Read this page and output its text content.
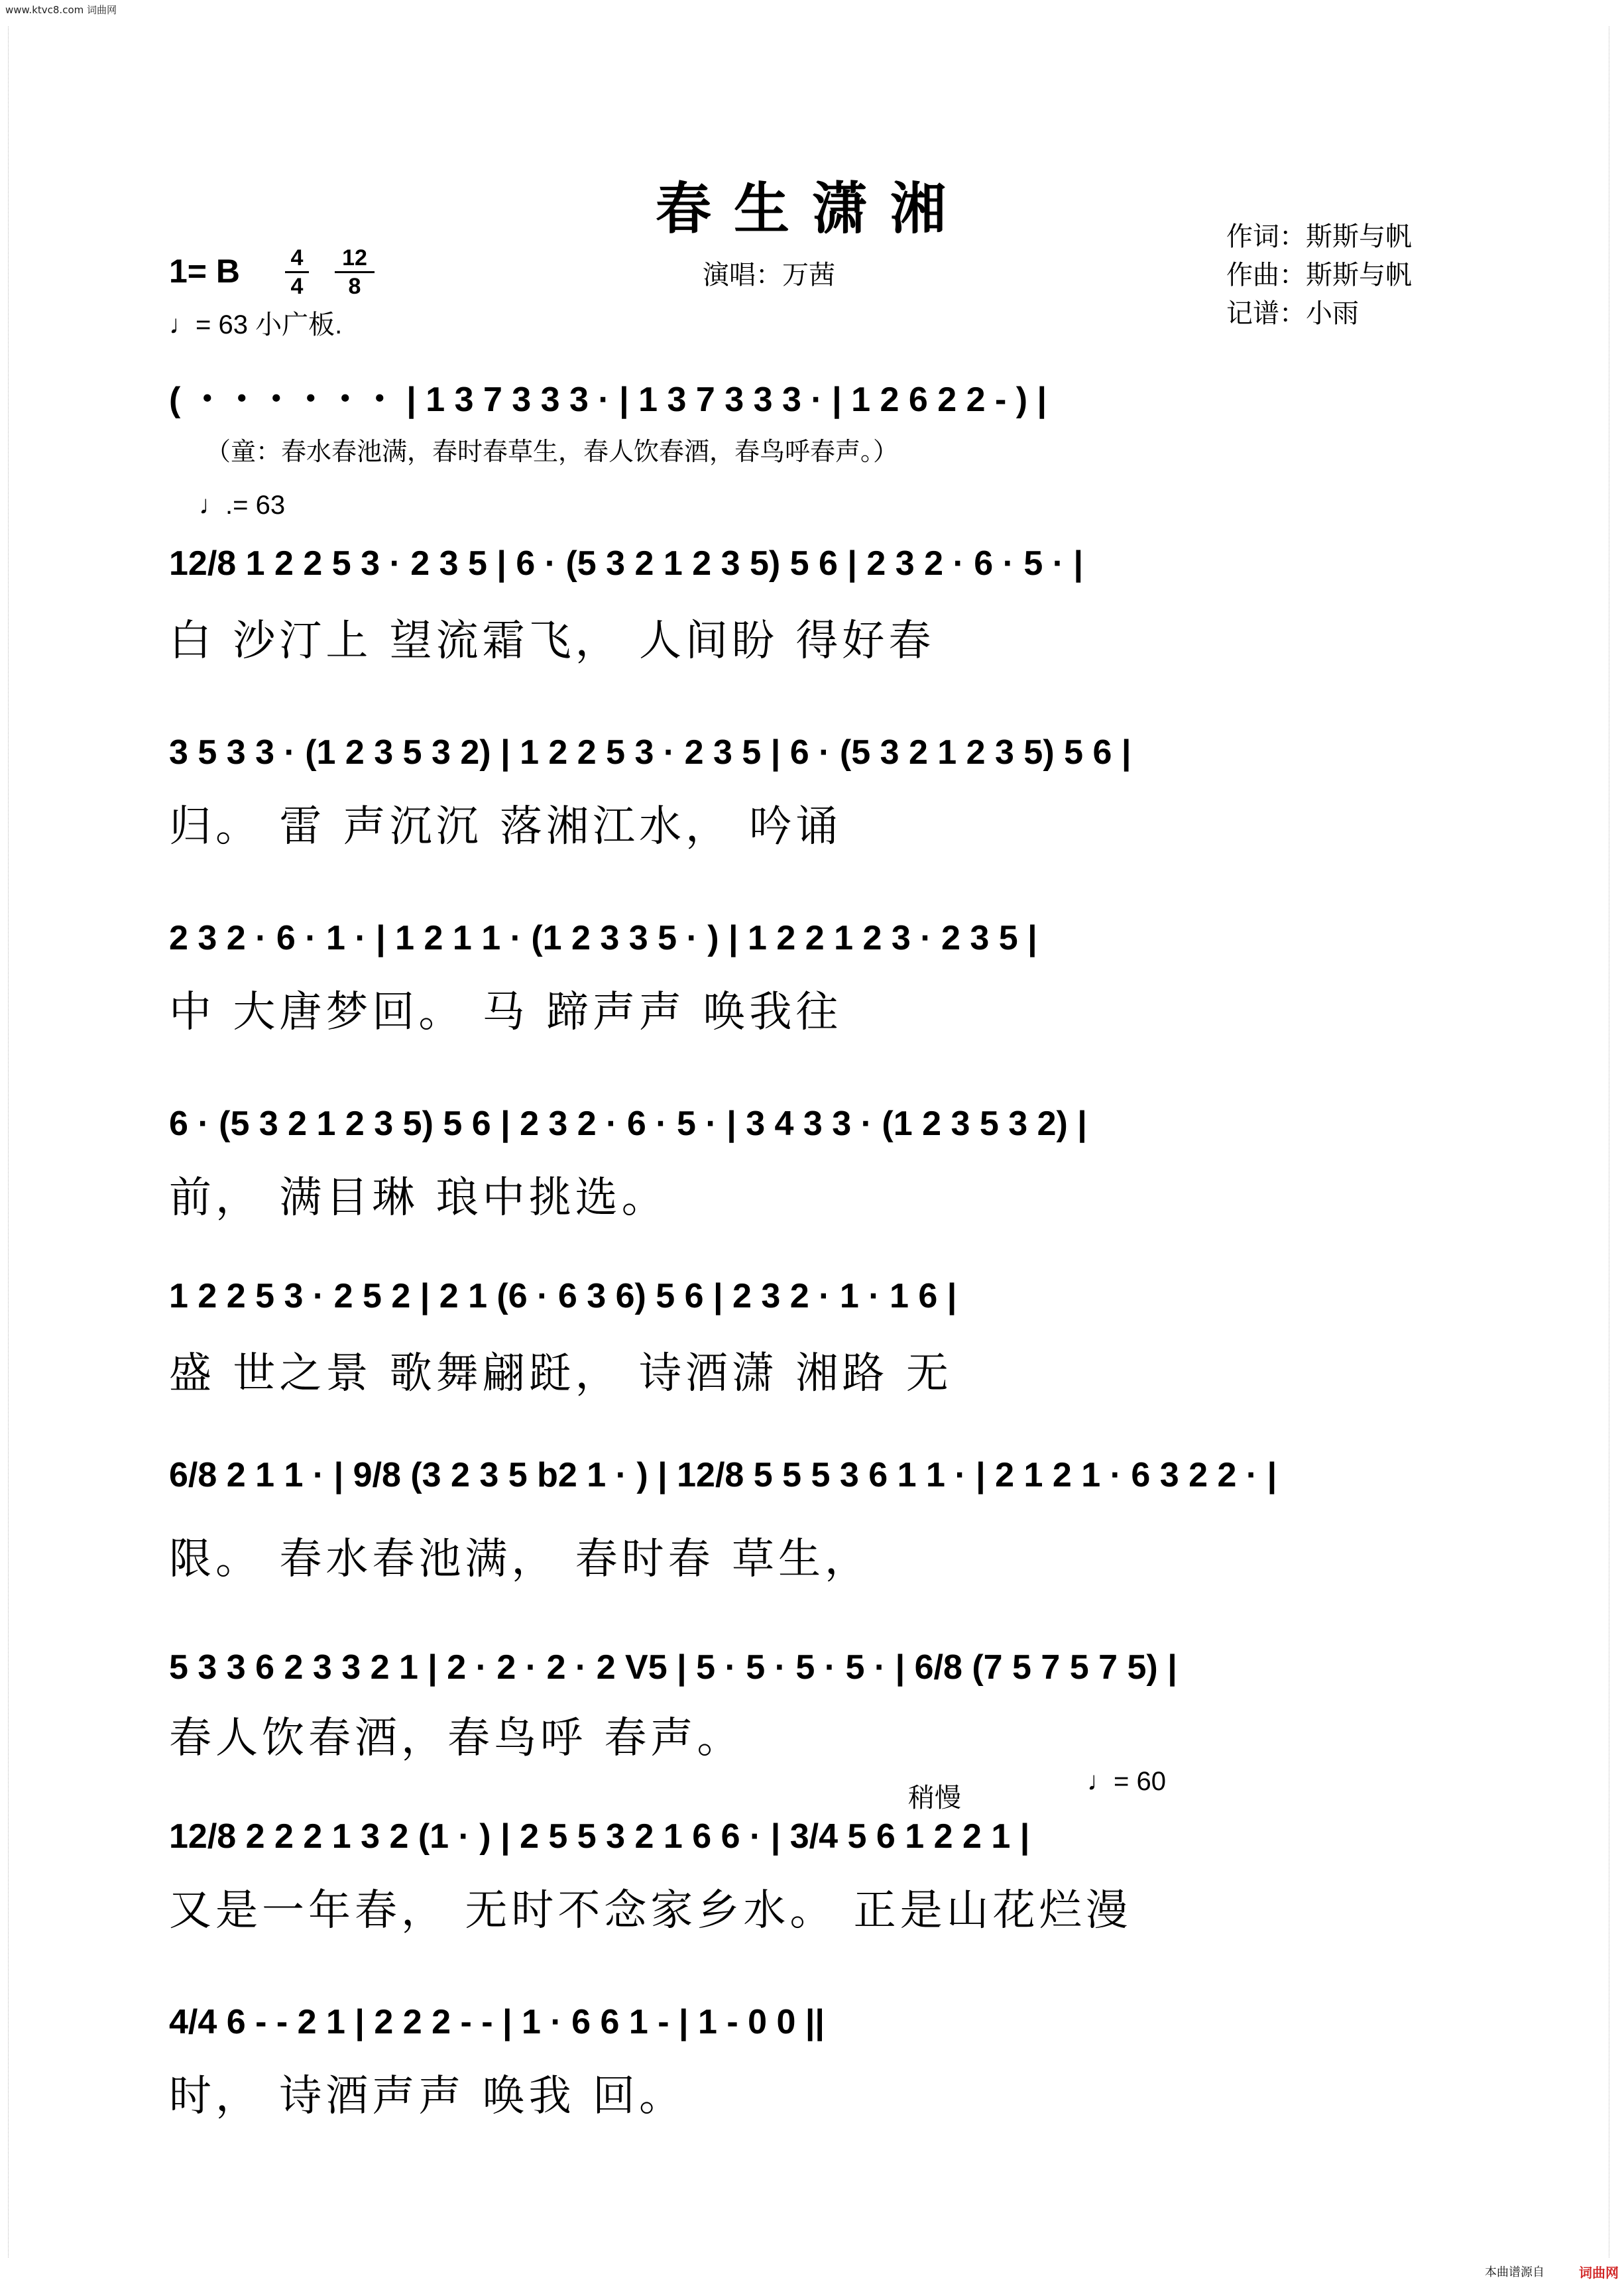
www.ktvc8.com 词曲网
春生潇湘	作词：斯斯与帆
作曲：斯斯与帆
记谱：小雨
演唱：万茜
1= B 4
4
12
8
♩= 63 小广板.
( ・・・・・・ | 1 3 7 3 3 3 · | 1 3 7 3 3 3 · | 1 2 6 2 2 - ) |
（童：春水春池满，春时春草生，春人饮春酒，春鸟呼春声。）
♩.= 63
12/8 1 2 2 5 3 · 2 3 5 | 6 · (5 3 2 1 2 3 5) 5 6 | 2 3 2 · 6 · 5 · |
白 沙汀上 望流霜飞， 人间盼 得好春
3 5 3 3 · (1 2 3 5 3 2) | 1 2 2 5 3 · 2 3 5 | 6 · (5 3 2 1 2 3 5) 5 6 |
归。 雷 声沉沉 落湘江水， 吟诵
2 3 2 · 6 · 1 · | 1 2 1 1 · (1 2 3 3 5 · ) | 1 2 2 1 2 3 · 2 3 5 |
中 大唐梦回。 马 蹄声声 唤我往
6 · (5 3 2 1 2 3 5) 5 6 | 2 3 2 · 6 · 5 · | 3 4 3 3 · (1 2 3 5 3 2) |
前， 满目琳 琅中挑选。
1 2 2 5 3 · 2 5 2 | 2 1 (6 · 6 3 6) 5 6 | 2 3 2 · 1 · 1 6 |
盛 世之景 歌舞翩跹， 诗酒潇 湘路 无
6/8 2 1 1 · | 9/8 (3 2 3 5 b2 1 · ) | 12/8 5 5 5 3 6 1 1 · | 2 1 2 1 · 6 3 2 2 · |
限。 春水春池满， 春时春 草生，
5 3 3 6 2 3 3 2 1 | 2 · 2 · 2 · 2 V5 | 5 · 5 · 5 · 5 · | 6/8 (7 5 7 5 7 5) |
春人饮春酒，春鸟呼 春声。
稍慢
♩= 60
12/8 2 2 2 1 3 2 (1 · ) | 2 5 5 3 2 1 6 6 · | 3/4 5 6 1 2 2 1 |
又是一年春， 无时不念家乡水。 正是山花烂漫
4/4 6 - - 2 1 | 2 2 2 - - | 1 · 6 6 1 - | 1 - 0 0 ||
时， 诗酒声声 唤我 回。
本曲谱源自	词曲网
